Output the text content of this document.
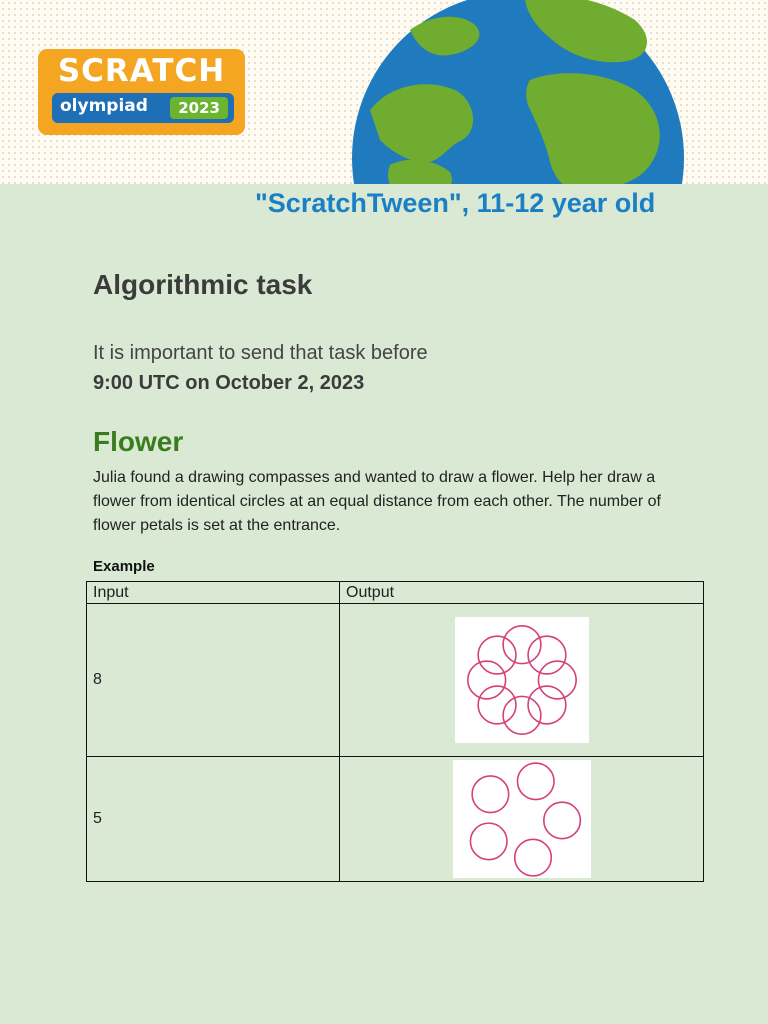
SCRATCH
olympiad	2023
"ScratchTween", 11-12 year old
Algorithmic task
It is important to send that task before
9:00 UTC on October 2, 2023
Flower
Julia found a drawing compasses and wanted to draw a flower. Help her draw a flower from identical circles at an equal distance from each other. The number of flower petals is set at the entrance.
Example
Input	Output
8	

5	
